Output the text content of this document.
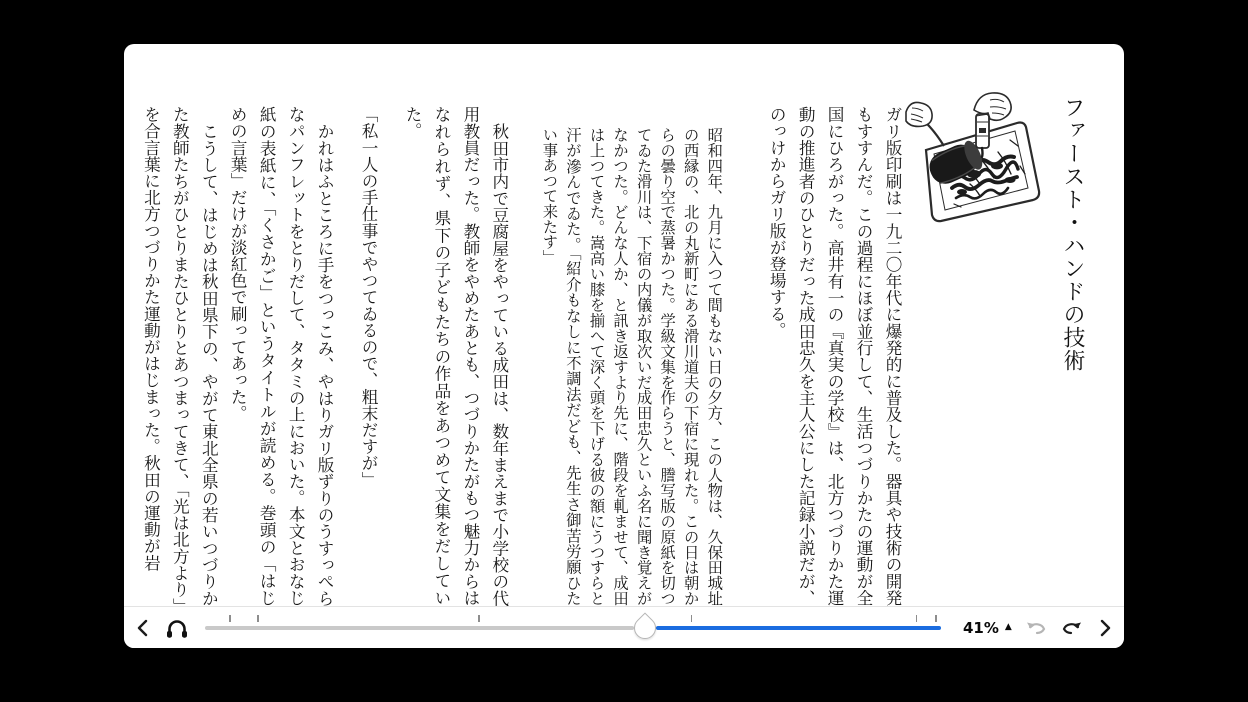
ファースト・ハンドの技術

ガリ版印刷は一九二〇年代に爆発的に普及した。器具や技術の開発もすすんだ。この過程にほぼ並行して、生活つづりかたの運動が全国にひろがった。高井有一の『真実の学校』は、北方つづりかた運動の推進者のひとりだった成田忠久を主人公にした記録小説だが、のっけからガリ版が登場する。

昭和四年、九月に入つて間もない日の夕方、この人物は、久保田城址の西縁の、北の丸新町にある滑川道夫の下宿に現れた。この日は朝からの曇り空で蒸暑かつた。学級文集を作らうと、謄写版の原紙を切つてゐた滑川は、下宿の内儀が取次いだ成田忠久といふ名に聞き覚えがなかつた。どんな人か、と訊き返すより先に、階段を軋ませて、成田は上つてきた。嵩高い膝を揃へて深く頭を下げる彼の額にうつすらと汗が滲んでゐた。「紹介もなしに不調法だども、先生さ御苦労願ひたい事あつて来たす」

秋田市内で豆腐屋をやっている成田は、数年まえまで小学校の代用教員だった。教師をやめたあとも、つづりかたがもつ魅力からはなれられず、県下の子どもたちの作品をあつめて文集をだしていた。

「私一人の手仕事でやつてゐるので、粗末だすが」

かれはふところに手をつっこみ、やはりガリ版ずりのうすっぺらなパンフレットをとりだして、タタミの上においた。本文とおなじ紙の表紙に、「くさかご」というタイトルが読める。巻頭の「はじめの言葉」だけが淡紅色で刷ってあった。

こうして、はじめは秋田県下の、やがて東北全県の若いつづりかた教師たちがひとりまたひとりとあつまってきて、「光は北方より」を合言葉に北方つづりかた運動がはじまった。秋田の運動が岩

41% ▲
